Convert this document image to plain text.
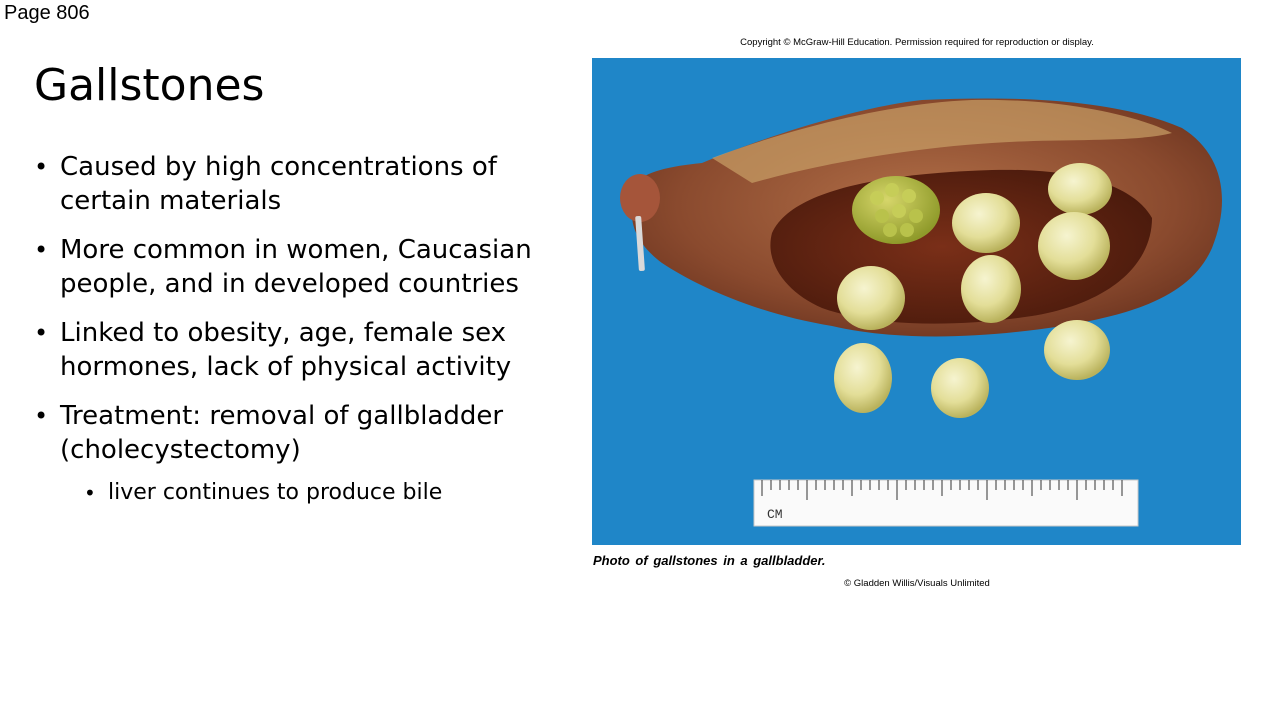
Page 806
Gallstones
• Caused by high concentrations of certain materials
• More common in women, Caucasian people, and in developed countries
• Linked to obesity, age, female sex hormones, lack of physical activity
• Treatment: removal of gallbladder (cholecystectomy)
• liver continues to produce bile
Copyright © McGraw-Hill Education. Permission required for reproduction or display.
CM
Photo of gallstones in a gallbladder.
© Gladden Willis/Visuals Unlimited
